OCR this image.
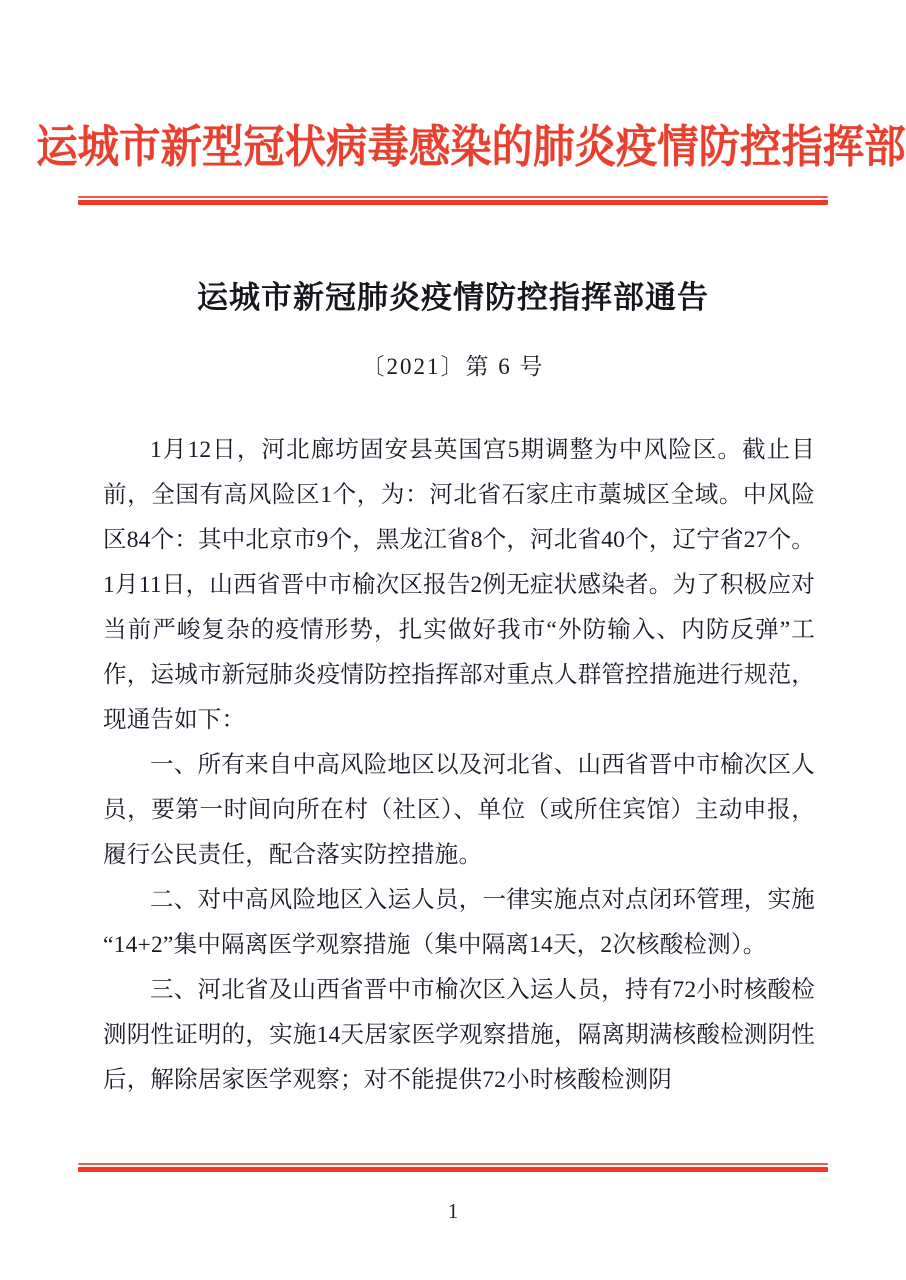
运城市新型冠状病毒感染的肺炎疫情防控指挥部
运城市新冠肺炎疫情防控指挥部通告
〔2021〕第 6 号

1月12日，河北廊坊固安县英国宫5期调整为中风险区。截止目前，全国有高风险区1个，为：河北省石家庄市藁城区全域。中风险区84个：其中北京市9个，黑龙江省8个，河北省40个，辽宁省27个。1月11日，山西省晋中市榆次区报告2例无症状感染者。为了积极应对当前严峻复杂的疫情形势，扎实做好我市“外防输入、内防反弹”工作，运城市新冠肺炎疫情防控指挥部对重点人群管控措施进行规范，现通告如下：

一、所有来自中高风险地区以及河北省、山西省晋中市榆次区人员，要第一时间向所在村（社区）、单位（或所住宾馆）主动申报，履行公民责任，配合落实防控措施。

二、对中高风险地区入运人员，一律实施点对点闭环管理，实施“14+2”集中隔离医学观察措施（集中隔离14天，2次核酸检测）。

三、河北省及山西省晋中市榆次区入运人员，持有72小时核酸检测阴性证明的，实施14天居家医学观察措施，隔离期满核酸检测阴性后，解除居家医学观察；对不能提供72小时核酸检测阴

1
